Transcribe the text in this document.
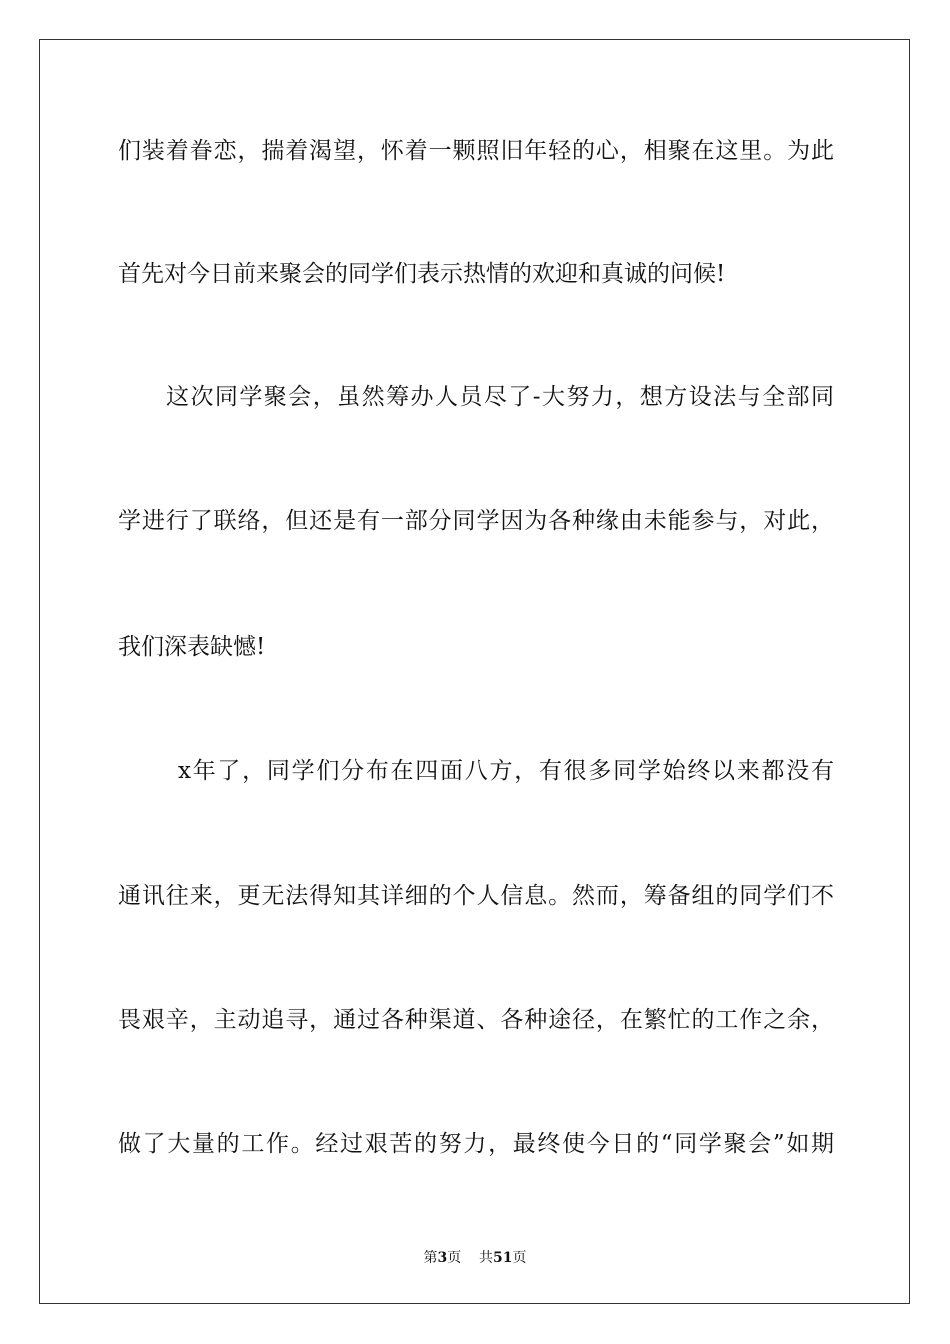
们装着眷恋，揣着渴望，怀着一颗照旧年轻的心，相聚在这里。为此
首先对今日前来聚会的同学们表示热情的欢迎和真诚的问候!
这次同学聚会，虽然筹办人员尽了-大努力，想方设法与全部同
学进行了联络，但还是有一部分同学因为各种缘由未能参与，对此，
我们深表缺憾!
x年了，同学们分布在四面八方，有很多同学始终以来都没有
通讯往来，更无法得知其详细的个人信息。然而，筹备组的同学们不
畏艰辛，主动追寻，通过各种渠道、各种途径，在繁忙的工作之余，
做了大量的工作。经过艰苦的努力，最终使今日的“同学聚会”如期
第3页 共51页
